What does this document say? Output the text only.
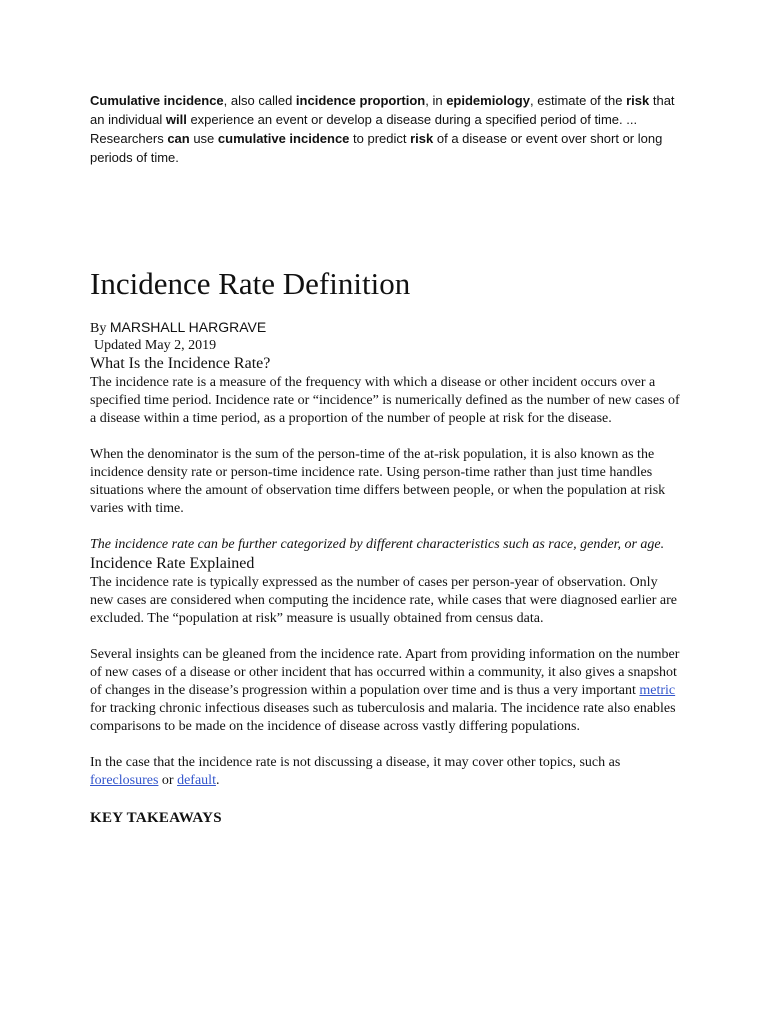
Cumulative incidence, also called incidence proportion, in epidemiology, estimate of the risk that an individual will experience an event or develop a disease during a specified period of time. ... Researchers can use cumulative incidence to predict risk of a disease or event over short or long periods of time.

Incidence Rate Definition
By MARSHALL HARGRAVE
Updated May 2, 2019
What Is the Incidence Rate?

The incidence rate is a measure of the frequency with which a disease or other incident occurs over a specified time period. Incidence rate or “incidence” is numerically defined as the number of new cases of a disease within a time period, as a proportion of the number of people at risk for the disease.

When the denominator is the sum of the person-time of the at-risk population, it is also known as the incidence density rate or person-time incidence rate. Using person-time rather than just time handles situations where the amount of observation time differs between people, or when the population at risk varies with time.

The incidence rate can be further categorized by different characteristics such as race, gender, or age.

Incidence Rate Explained

The incidence rate is typically expressed as the number of cases per person-year of observation. Only new cases are considered when computing the incidence rate, while cases that were diagnosed earlier are excluded. The “population at risk” measure is usually obtained from census data.

Several insights can be gleaned from the incidence rate. Apart from providing information on the number of new cases of a disease or other incident that has occurred within a community, it also gives a snapshot of changes in the disease’s progression within a population over time and is thus a very important metric for tracking chronic infectious diseases such as tuberculosis and malaria. The incidence rate also enables comparisons to be made on the incidence of disease across vastly differing populations.

In the case that the incidence rate is not discussing a disease, it may cover other topics, such as foreclosures or default.

KEY TAKEAWAYS
